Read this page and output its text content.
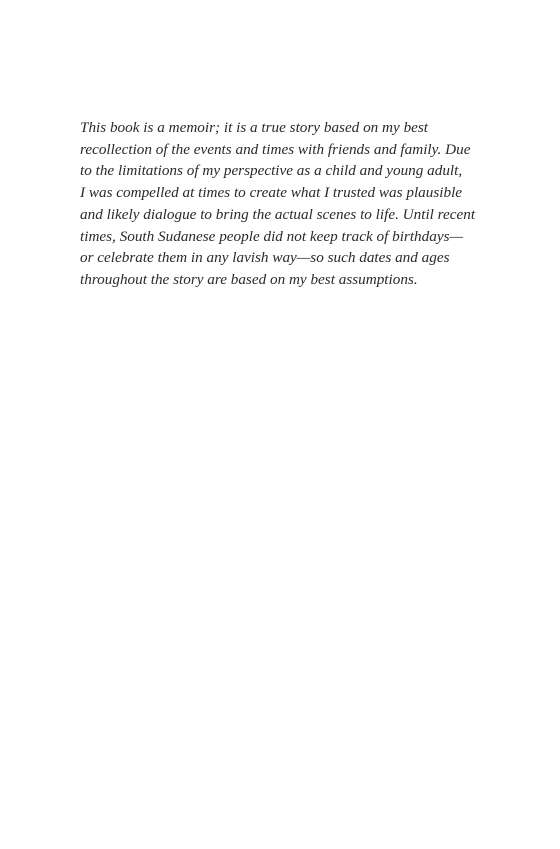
This book is a memoir; it is a true story based on my best
recollection of the events and times with friends and family. Due
to the limitations of my perspective as a child and young adult,
I was compelled at times to create what I trusted was plausible
and likely dialogue to bring the actual scenes to life. Until recent
times, South Sudanese people did not keep track of birthdays—
or celebrate them in any lavish way—so such dates and ages
throughout the story are based on my best assumptions.
